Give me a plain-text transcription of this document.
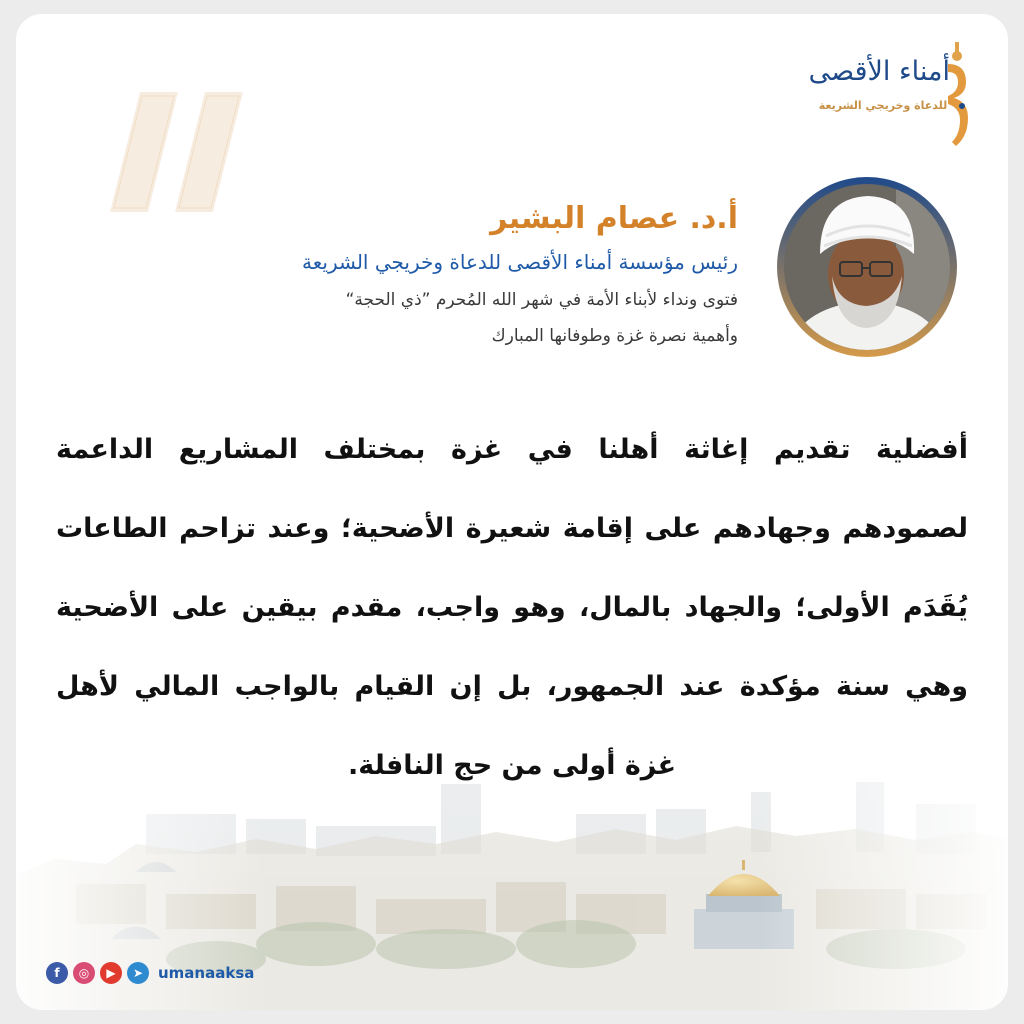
أمناء الأقصى
للدعاة وخريجي الشريعة

أ.د. عصام البشير

رئيس مؤسسة أمناء الأقصى للدعاة وخريجي الشريعة

فتوى ونداء لأبناء الأمة في شهر الله المُحرم ”ذي الحجة“

وأهمية نصرة غزة وطوفانها المبارك

أفضلية تقديم إغاثة أهلنا في غزة بمختلف المشاريع الداعمة لصمودهم وجهادهم على إقامة شعيرة الأضحية؛ وعند تزاحم الطاعات يُقَدَم الأولى؛ والجهاد بالمال، وهو واجب، مقدم بيقين على الأضحية وهي سنة مؤكدة عند الجمهور، بل إن القيام بالواجب المالي لأهل غزة أولى من حج النافلة.
f	◎	▶	➤ umanaaksa
